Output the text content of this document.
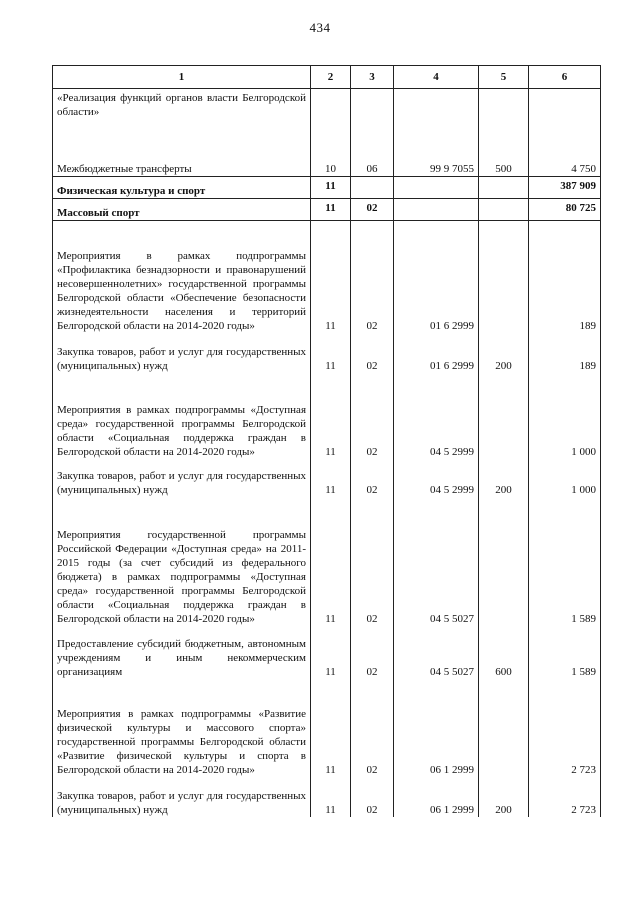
434
1	2	3	4	5	6
«Реализация функций органов власти Белгородской области»					
Межбюджетные трансферты	10	06	99 9 7055	500	4 750
Физическая культура и спорт	11				387 909
Массовый спорт	11	02			80 725
Мероприятия в рамках подпрограммы «Профилактика безнадзорности и правонарушений несовершеннолетних» государственной программы Белгородской области «Обеспечение безопасности жизнедеятельности населения и территорий Белгородской области на 2014-2020 годы»	11	02	01 6 2999		189
Закупка товаров, работ и услуг для государственных (муниципальных) нужд	11	02	01 6 2999	200	189
Мероприятия в рамках подпрограммы «Доступная среда» государственной программы Белгородской области «Социальная поддержка граждан в Белгородской области на 2014-2020 годы»	11	02	04 5 2999		1 000
Закупка товаров, работ и услуг для государственных (муниципальных) нужд	11	02	04 5 2999	200	1 000
Мероприятия государственной программы Российской Федерации «Доступная среда» на 2011-2015 годы (за счет субсидий из федерального бюджета) в рамках подпрограммы «Доступная среда» государственной программы Белгородской области «Социальная поддержка граждан в Белгородской области на 2014-2020 годы»	11	02	04 5 5027		1 589
Предоставление субсидий бюджетным, автономным учреждениям и иным некоммерческим организациям	11	02	04 5 5027	600	1 589
Мероприятия в рамках подпрограммы «Развитие физической культуры и массового спорта» государственной программы Белгородской области «Развитие физической культуры и спорта в Белгородской области на 2014-2020 годы»	11	02	06 1 2999		2 723
Закупка товаров, работ и услуг для государственных (муниципальных) нужд	11	02	06 1 2999	200	2 723
